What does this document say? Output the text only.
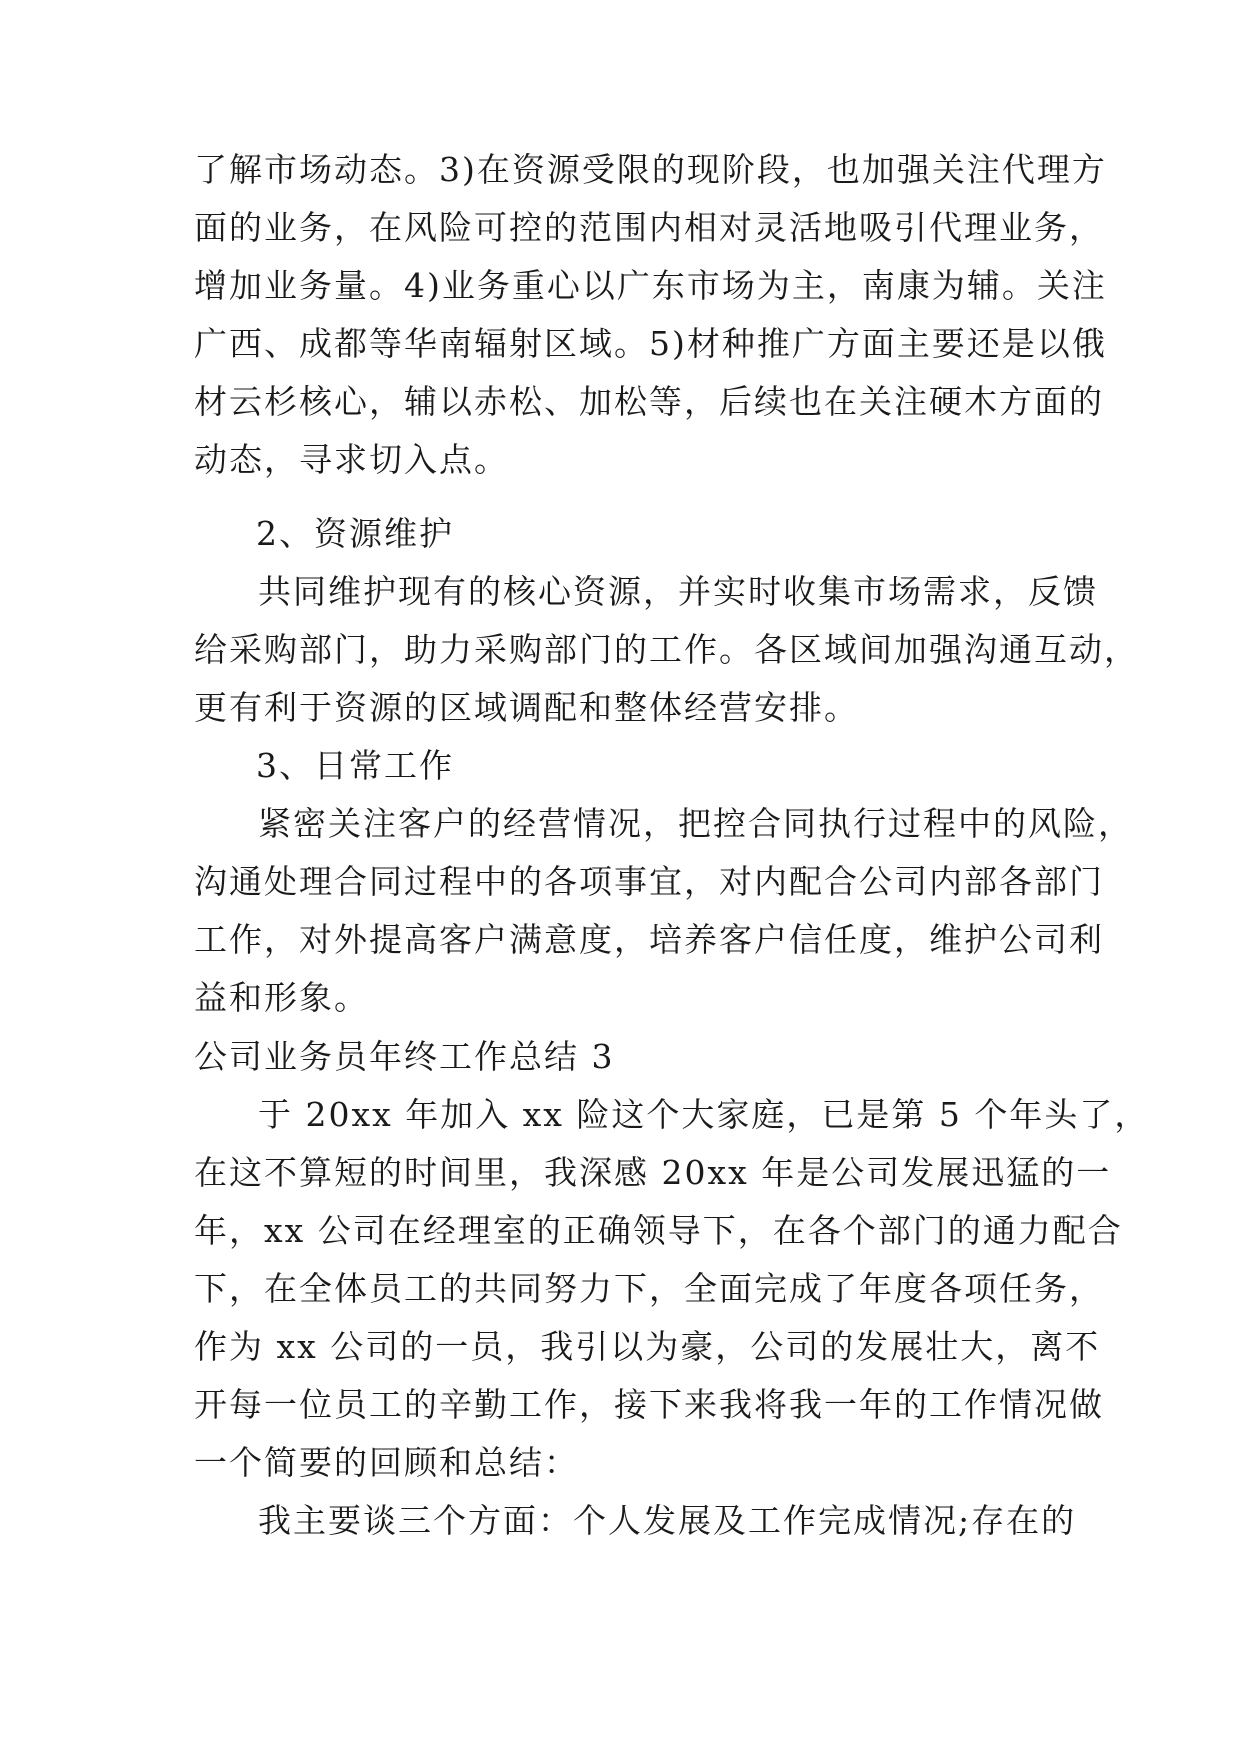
了解市场动态。3)在资源受限的现阶段，也加强关注代理方
面的业务，在风险可控的范围内相对灵活地吸引代理业务，
增加业务量。4)业务重心以广东市场为主，南康为辅。关注
广西、成都等华南辐射区域。5)材种推广方面主要还是以俄
材云杉核心，辅以赤松、加松等，后续也在关注硬木方面的
动态，寻求切入点。
2、资源维护
共同维护现有的核心资源，并实时收集市场需求，反馈
给采购部门，助力采购部门的工作。各区域间加强沟通互动，
更有利于资源的区域调配和整体经营安排。
3、日常工作
紧密关注客户的经营情况，把控合同执行过程中的风险，
沟通处理合同过程中的各项事宜，对内配合公司内部各部门
工作，对外提高客户满意度，培养客户信任度，维护公司利
益和形象。
公司业务员年终工作总结 3
于 20xx 年加入 xx 险这个大家庭，已是第 5 个年头了，
在这不算短的时间里，我深感 20xx 年是公司发展迅猛的一
年，xx 公司在经理室的正确领导下，在各个部门的通力配合
下，在全体员工的共同努力下，全面完成了年度各项任务，
作为 xx 公司的一员，我引以为豪，公司的发展壮大，离不
开每一位员工的辛勤工作，接下来我将我一年的工作情况做
一个简要的回顾和总结：
我主要谈三个方面：个人发展及工作完成情况;存在的
